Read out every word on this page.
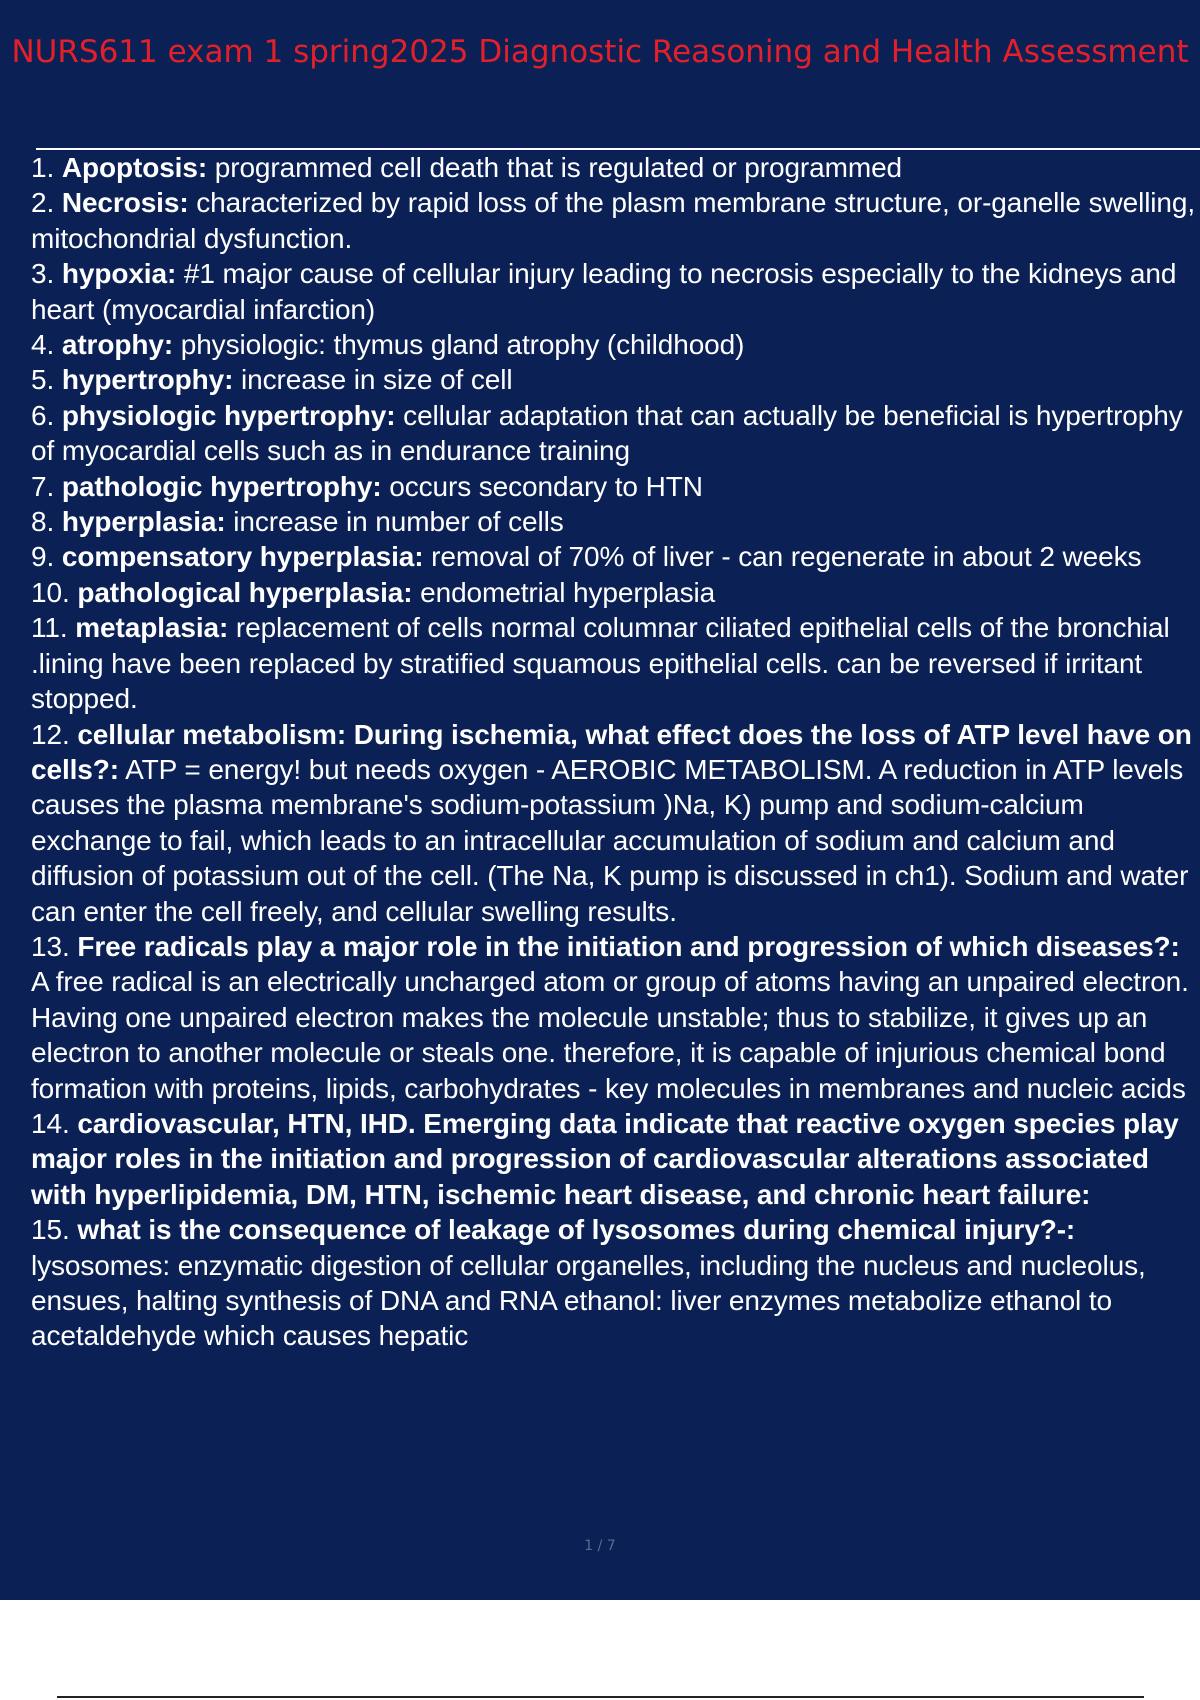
NURS611 exam 1 spring2025 Diagnostic Reasoning and Health Assessment
1. Apoptosis: programmed cell death that is regulated or programmed
2. Necrosis: characterized by rapid loss of the plasm membrane structure, or-ganelle swelling, mitochondrial dysfunction.
3. hypoxia: #1 major cause of cellular injury leading to necrosis especially to the kidneys and heart (myocardial infarction)
4. atrophy: physiologic: thymus gland atrophy (childhood)
5. hypertrophy: increase in size of cell
6. physiologic hypertrophy: cellular adaptation that can actually be beneficial is hypertrophy of myocardial cells such as in endurance training
7. pathologic hypertrophy: occurs secondary to HTN
8. hyperplasia: increase in number of cells
9. compensatory hyperplasia: removal of 70% of liver - can regenerate in about 2 weeks
10. pathological hyperplasia: endometrial hyperplasia
11. metaplasia: replacement of cells normal columnar ciliated epithelial cells of the bronchial .lining have been replaced by stratified squamous epithelial cells. can be reversed if irritant stopped.
12. cellular metabolism: During ischemia, what effect does the loss of ATP level have on cells?: ATP = energy! but needs oxygen - AEROBIC METABOLISM. A reduction in ATP levels causes the plasma membrane's sodium-potassium )Na, K) pump and sodium-calcium exchange to fail, which leads to an intracellular accumulation of sodium and calcium and diffusion of potassium out of the cell. (The Na, K pump is discussed in ch1). Sodium and water can enter the cell freely, and cellular swelling results.
13. Free radicals play a major role in the initiation and progression of which diseases?: A free radical is an electrically uncharged atom or group of atoms having an unpaired electron. Having one unpaired electron makes the molecule unstable; thus to stabilize, it gives up an electron to another molecule or steals one. therefore, it is capable of injurious chemical bond formation with proteins, lipids, carbohydrates - key molecules in membranes and nucleic acids
14. cardiovascular, HTN, IHD. Emerging data indicate that reactive oxygen species play major roles in the initiation and progression of cardiovascular alterations associated with hyperlipidemia, DM, HTN, ischemic heart disease, and chronic heart failure:
15. what is the consequence of leakage of lysosomes during chemical injury?-: lysosomes: enzymatic digestion of cellular organelles, including the nucleus and nucleolus, ensues, halting synthesis of DNA and RNA ethanol: liver enzymes metabolize ethanol to acetaldehyde which causes hepatic
1 / 7
